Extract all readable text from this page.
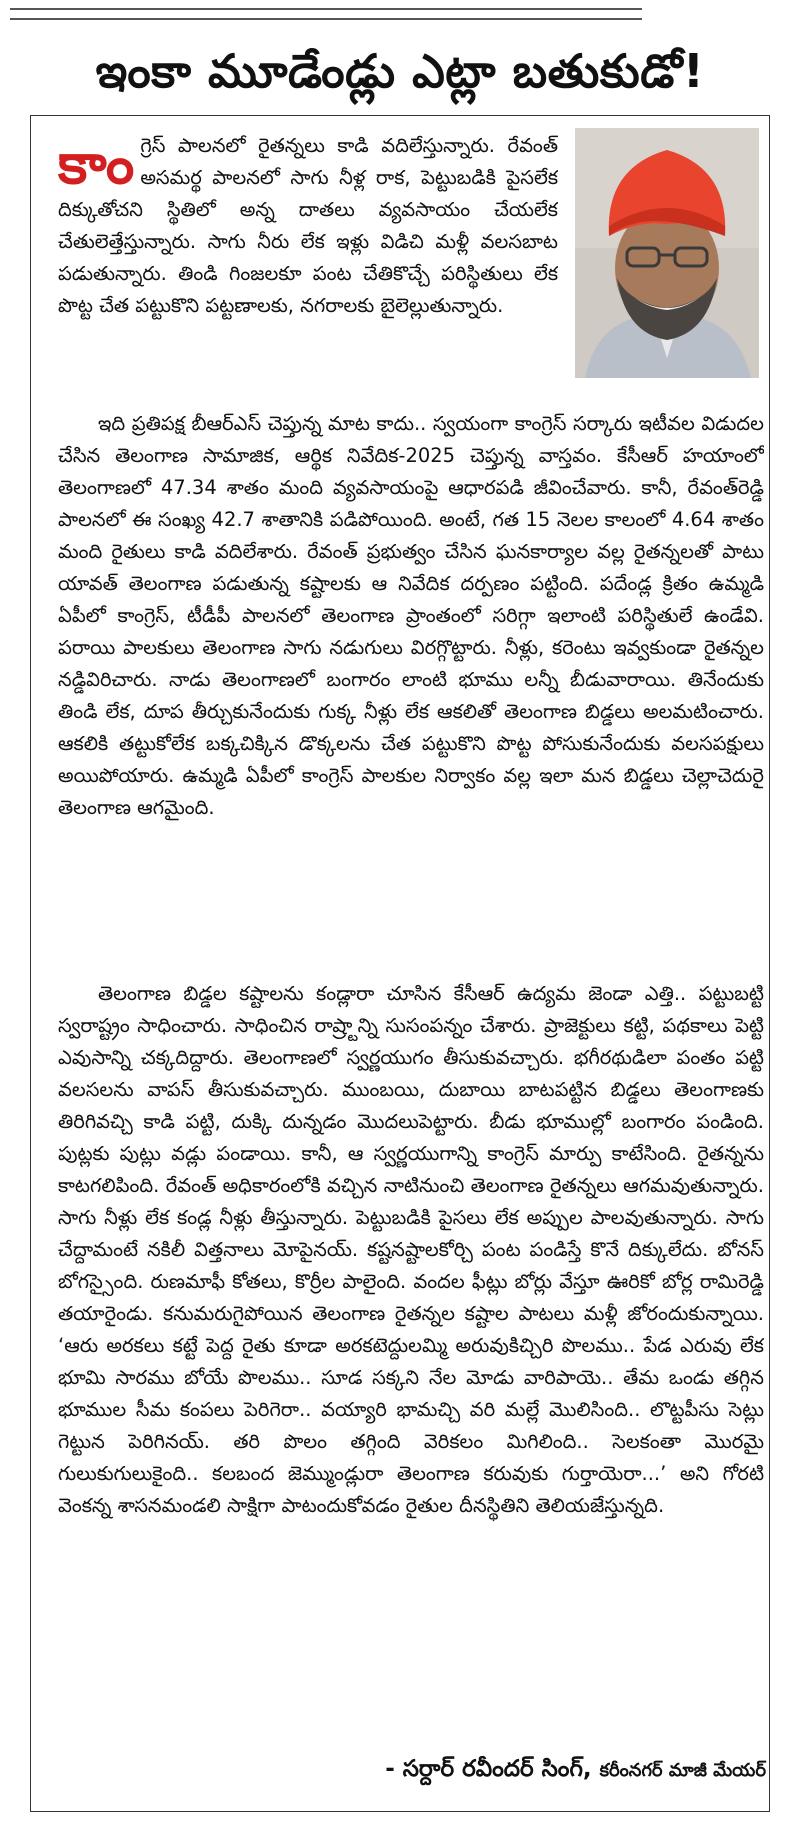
ఇంకా మూడేండ్లు ఎట్లా బతుకుడో!

కాంగ్రెస్ పాలనలో రైతన్నలు కాడి వదిలేస్తున్నారు. రేవంత్ అసమర్థ పాలనలో సాగు నీళ్ల రాక, పెట్టుబడికి పైసలేక దిక్కుతోచని స్థితిలో అన్న దాతలు వ్యవసాయం చేయలేక చేతులెత్తేస్తున్నారు. సాగు నీరు లేక ఇళ్లు విడిచి మళ్లీ వలసబాట పడుతున్నారు. తిండి గింజలకూ పంట చేతికొచ్చే పరిస్థితులు లేక పొట్ట చేత పట్టుకొని పట్టణాలకు, నగరాలకు బైలెల్లుతున్నారు.

ఇది ప్రతిపక్ష బీఆర్ఎస్ చెప్తున్న మాట కాదు.. స్వయంగా కాంగ్రెస్ సర్కారు ఇటీవల విడుదల చేసిన తెలంగాణ సామాజిక, ఆర్థిక నివేదిక-2025 చెప్తున్న వాస్తవం. కేసీఆర్ హయాంలో తెలంగాణలో 47.34 శాతం మంది వ్యవసాయంపై ఆధారపడి జీవించేవారు. కానీ, రేవంత్‌రెడ్డి పాలనలో ఈ సంఖ్య 42.7 శాతానికి పడిపోయింది. అంటే, గత 15 నెలల కాలంలో 4.64 శాతం మంది రైతులు కాడి వదిలేశారు. రేవంత్ ప్రభుత్వం చేసిన ఘనకార్యాల వల్ల రైతన్నలతో పాటు యావత్ తెలంగాణ పడుతున్న కష్టాలకు ఆ నివేదిక దర్పణం పట్టింది. పదేండ్ల క్రితం ఉమ్మడి ఏపీలో కాంగ్రెస్, టీడీపీ పాలనలో తెలంగాణ ప్రాంతంలో సరిగ్గా ఇలాంటి పరిస్థితులే ఉండేవి. పరాయి పాలకులు తెలంగాణ సాగు నడుగులు విరగ్గొట్టారు. నీళ్లు, కరెంటు ఇవ్వకుండా రైతన్నల నడ్డివిరిచారు. నాడు తెలంగాణలో బంగారం లాంటి భూము లన్నీ బీడువారాయి. తినేందుకు తిండి లేక, దూప తీర్చుకునేందుకు గుక్క నీళ్లు లేక ఆకలితో తెలంగాణ బిడ్డలు అలమటించారు. ఆకలికి తట్టుకోలేక బక్కచిక్కిన డొక్కలను చేత పట్టుకొని పొట్ట పోసుకునేందుకు వలసపక్షులు అయిపోయారు. ఉమ్మడి ఏపీలో కాంగ్రెస్ పాలకుల నిర్వాకం వల్ల ఇలా మన బిడ్డలు చెల్లాచెదురై తెలంగాణ ఆగమైంది.

తెలంగాణ బిడ్డల కష్టాలను కండ్లారా చూసిన కేసీఆర్ ఉద్యమ జెండా ఎత్తి.. పట్టుబట్టి స్వరాష్ట్రం సాధించారు. సాధించిన రాష్ర్టాన్ని సుసంపన్నం చేశారు. ప్రాజెక్టులు కట్టి, పథకాలు పెట్టి ఎవుసాన్ని చక్కదిద్దారు. తెలంగాణలో స్వర్ణయుగం తీసుకువచ్చారు. భగీరథుడిలా పంతం పట్టి వలసలను వాపస్ తీసుకువచ్చారు. ముంబయి, దుబాయి బాటపట్టిన బిడ్డలు తెలంగాణకు తిరిగివచ్చి కాడి పట్టి, దుక్కి దున్నడం మొదలుపెట్టారు. బీడు భూముల్లో బంగారం పండింది. పుట్లకు పుట్లు వడ్లు పండాయి. కానీ, ఆ స్వర్ణయుగాన్ని కాంగ్రెస్ మార్పు కాటేసింది. రైతన్నను కాటగలిపింది. రేవంత్ అధికారంలోకి వచ్చిన నాటినుంచి తెలంగాణ రైతన్నలు ఆగమవుతున్నారు. సాగు నీళ్లు లేక కండ్ల నీళ్లు తీస్తున్నారు. పెట్టుబడికి పైసలు లేక అప్పుల పాలవుతున్నారు. సాగు చేద్దామంటే నకిలీ విత్తనాలు మోపైనయ్. కష్టనష్టాలకోర్చి పంట పండిస్తే కొనే దిక్కులేదు. బోనస్ బోగస్సైంది. రుణమాఫీ కోతలు, కొర్రీల పాలైంది. వందల ఫీట్లు బోర్లు వేస్తూ ఊరికో బోర్ల రామిరెడ్డి తయారైండు. కనుమరుగైపోయిన తెలంగాణ రైతన్నల కష్టాల పాటలు మళ్లీ జోరందుకున్నాయి. ‘ఆరు అరకలు కట్టే పెద్ద రైతు కూడా అరకటెద్దులమ్మి అరువుకిచ్చిరి పొలము.. పేడ ఎరువు లేక భూమి సారము బోయే పొలము.. సూడ సక్కని నేల మోడు వారిపాయె.. తేమ ఒండు తగ్గిన భూముల సీమ కంపలు పెరిగెరా.. వయ్యారి భామచ్చి వరి మల్లే మొలిసింది.. లొట్టపీసు సెట్లు గెట్టున పెరిగినయ్. తరి పొలం తగ్గింది వెరికలం మిగిలింది.. సెలకంతా మొరమై గులుకుగులుకైంది.. కలబంద జెమ్ముండ్లురా తెలంగాణ కరువుకు గుర్తాయెరా...’ అని గోరటి వెంకన్న శాసనమండలి సాక్షిగా పాటందుకోవడం రైతుల దీనస్థితిని తెలియజేస్తున్నది.

- సర్దార్ రవీందర్ సింగ్, కరీంనగర్ మాజీ మేయర్
